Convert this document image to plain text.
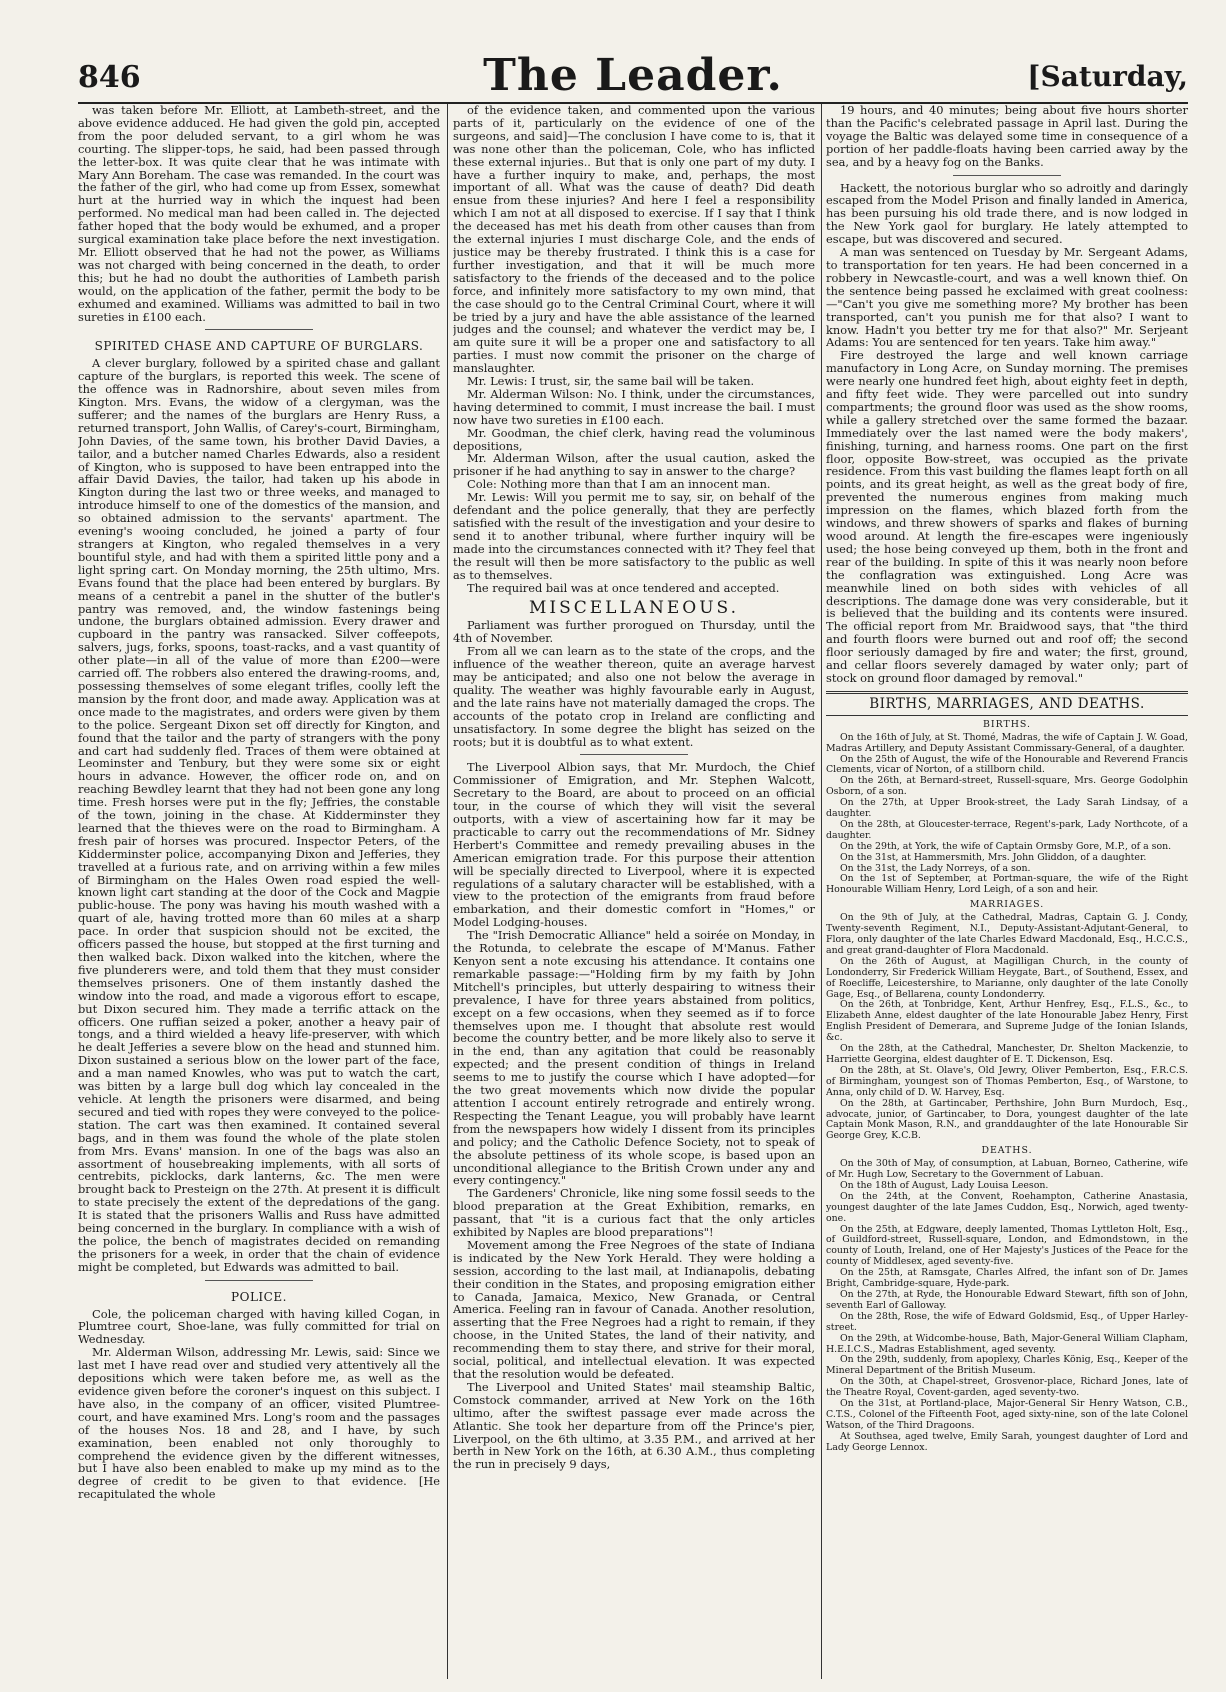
846	The Leader.	[Saturday,

was taken before Mr. Elliott, at Lambeth-street, and the above evidence adduced. He had given the gold pin, accepted from the poor deluded servant, to a girl whom he was courting. The slipper-tops, he said, had been passed through the letter-box. It was quite clear that he was intimate with Mary Ann Boreham. The case was remanded. In the court was the father of the girl, who had come up from Essex, somewhat hurt at the hurried way in which the inquest had been performed. No medical man had been called in. The dejected father hoped that the body would be exhumed, and a proper surgical examination take place before the next investigation. Mr. Elliott observed that he had not the power, as Williams was not charged with being concerned in the death, to order this; but he had no doubt the authorities of Lambeth parish would, on the application of the father, permit the body to be exhumed and examined. Williams was admitted to bail in two sureties in £100 each.

SPIRITED CHASE AND CAPTURE OF BURGLARS.

A clever burglary, followed by a spirited chase and gallant capture of the burglars, is reported this week. The scene of the offence was in Radnorshire, about seven miles from Kington. Mrs. Evans, the widow of a clergyman, was the sufferer; and the names of the burglars are Henry Russ, a returned transport, John Wallis, of Carey's-court, Birmingham, John Davies, of the same town, his brother David Davies, a tailor, and a butcher named Charles Edwards, also a resident of Kington, who is supposed to have been entrapped into the affair David Davies, the tailor, had taken up his abode in Kington during the last two or three weeks, and managed to introduce himself to one of the domestics of the mansion, and so obtained admission to the servants' apartment. The evening's wooing concluded, he joined a party of four strangers at Kington, who regaled themselves in a very bountiful style, and had with them a spirited little pony and a light spring cart. On Monday morning, the 25th ultimo, Mrs. Evans found that the place had been entered by burglars. By means of a centrebit a panel in the shutter of the butler's pantry was removed, and, the window fastenings being undone, the burglars obtained admission. Every drawer and cupboard in the pantry was ransacked. Silver coffeepots, salvers, jugs, forks, spoons, toast-racks, and a vast quantity of other plate—in all of the value of more than £200—were carried off. The robbers also entered the drawing-rooms, and, possessing themselves of some elegant trifles, coolly left the mansion by the front door, and made away. Application was at once made to the magistrates, and orders were given by them to the police. Sergeant Dixon set off directly for Kington, and found that the tailor and the party of strangers with the pony and cart had suddenly fled. Traces of them were obtained at Leominster and Tenbury, but they were some six or eight hours in advance. However, the officer rode on, and on reaching Bewdley learnt that they had not been gone any long time. Fresh horses were put in the fly; Jeffries, the constable of the town, joining in the chase. At Kidderminster they learned that the thieves were on the road to Birmingham. A fresh pair of horses was procured. Inspector Peters, of the Kidderminster police, accompanying Dixon and Jefferies, they travelled at a furious rate, and on arriving within a few miles of Birmingham on the Hales Owen road espied the well-known light cart standing at the door of the Cock and Magpie public-house. The pony was having his mouth washed with a quart of ale, having trotted more than 60 miles at a sharp pace. In order that suspicion should not be excited, the officers passed the house, but stopped at the first turning and then walked back. Dixon walked into the kitchen, where the five plunderers were, and told them that they must consider themselves prisoners. One of them instantly dashed the window into the road, and made a vigorous effort to escape, but Dixon secured him. They made a terrific attack on the officers. One ruffian seized a poker, another a heavy pair of tongs, and a third wielded a heavy life-preserver, with which he dealt Jefferies a severe blow on the head and stunned him. Dixon sustained a serious blow on the lower part of the face, and a man named Knowles, who was put to watch the cart, was bitten by a large bull dog which lay concealed in the vehicle. At length the prisoners were disarmed, and being secured and tied with ropes they were conveyed to the police-station. The cart was then examined. It contained several bags, and in them was found the whole of the plate stolen from Mrs. Evans' mansion. In one of the bags was also an assortment of housebreaking implements, with all sorts of centrebits, picklocks, dark lanterns, &c. The men were brought back to Presteign on the 27th. At present it is difficult to state precisely the extent of the depredations of the gang. It is stated that the prisoners Wallis and Russ have admitted being concerned in the burglary. In compliance with a wish of the police, the bench of magistrates decided on remanding the prisoners for a week, in order that the chain of evidence might be completed, but Edwards was admitted to bail.

POLICE.

Cole, the policeman charged with having killed Cogan, in Plumtree court, Shoe-lane, was fully committed for trial on Wednesday.

Mr. Alderman Wilson, addressing Mr. Lewis, said: Since we last met I have read over and studied very attentively all the depositions which were taken before me, as well as the evidence given before the coroner's inquest on this subject. I have also, in the company of an officer, visited Plumtree-court, and have examined Mrs. Long's room and the passages of the houses Nos. 18 and 28, and I have, by such examination, been enabled not only thoroughly to comprehend the evidence given by the different witnesses, but I have also been enabled to make up my mind as to the degree of credit to be given to that evidence. [He recapitulated the whole

of the evidence taken, and commented upon the various parts of it, particularly on the evidence of one of the surgeons, and said]—The conclusion I have come to is, that it was none other than the policeman, Cole, who has inflicted these external injuries.. But that is only one part of my duty. I have a further inquiry to make, and, perhaps, the most important of all. What was the cause of death? Did death ensue from these injuries? And here I feel a responsibility which I am not at all disposed to exercise. If I say that I think the deceased has met his death from other causes than from the external injuries I must discharge Cole, and the ends of justice may be thereby frustrated. I think this is a case for further investigation, and that it will be much more satisfactory to the friends of the deceased and to the police force, and infinitely more satisfactory to my own mind, that the case should go to the Central Criminal Court, where it will be tried by a jury and have the able assistance of the learned judges and the counsel; and whatever the verdict may be, I am quite sure it will be a proper one and satisfactory to all parties. I must now commit the prisoner on the charge of manslaughter.

Mr. Lewis: I trust, sir, the same bail will be taken.

Mr. Alderman Wilson: No. I think, under the circumstances, having determined to commit, I must increase the bail. I must now have two sureties in £100 each.

Mr. Goodman, the chief clerk, having read the voluminous depositions,

Mr. Alderman Wilson, after the usual caution, asked the prisoner if he had anything to say in answer to the charge?

Cole: Nothing more than that I am an innocent man.

Mr. Lewis: Will you permit me to say, sir, on behalf of the defendant and the police generally, that they are perfectly satisfied with the result of the investigation and your desire to send it to another tribunal, where further inquiry will be made into the circumstances connected with it? They feel that the result will then be more satisfactory to the public as well as to themselves.

The required bail was at once tendered and accepted.

MISCELLANEOUS.

Parliament was further prorogued on Thursday, until the 4th of November.

From all we can learn as to the state of the crops, and the influence of the weather thereon, quite an average harvest may be anticipated; and also one not below the average in quality. The weather was highly favourable early in August, and the late rains have not materially damaged the crops. The accounts of the potato crop in Ireland are conflicting and unsatisfactory. In some degree the blight has seized on the roots; but it is doubtful as to what extent.

The Liverpool Albion says, that Mr. Murdoch, the Chief Commissioner of Emigration, and Mr. Stephen Walcott, Secretary to the Board, are about to proceed on an official tour, in the course of which they will visit the several outports, with a view of ascertaining how far it may be practicable to carry out the recommendations of Mr. Sidney Herbert's Committee and remedy prevailing abuses in the American emigration trade. For this purpose their attention will be specially directed to Liverpool, where it is expected regulations of a salutary character will be established, with a view to the protection of the emigrants from fraud before embarkation, and their domestic comfort in "Homes," or Model Lodging-houses.

The "Irish Democratic Alliance" held a soirée on Monday, in the Rotunda, to celebrate the escape of M'Manus. Father Kenyon sent a note excusing his attendance. It contains one remarkable passage:—"Holding firm by my faith by John Mitchell's principles, but utterly despairing to witness their prevalence, I have for three years abstained from politics, except on a few occasions, when they seemed as if to force themselves upon me. I thought that absolute rest would become the country better, and be more likely also to serve it in the end, than any agitation that could be reasonably expected; and the present condition of things in Ireland seems to me to justify the course which I have adopted—for the two great movements which now divide the popular attention I account entirely retrograde and entirely wrong. Respecting the Tenant League, you will probably have learnt from the newspapers how widely I dissent from its principles and policy; and the Catholic Defence Society, not to speak of the absolute pettiness of its whole scope, is based upon an unconditional allegiance to the British Crown under any and every contingency."

The Gardeners' Chronicle, like ning some fossil seeds to the blood preparation at the Great Exhibition, remarks, en passant, that "it is a curious fact that the only articles exhibited by Naples are blood preparations"!

Movement among the Free Negroes of the state of Indiana is indicated by the New York Herald. They were holding a session, according to the last mail, at Indianapolis, debating their condition in the States, and proposing emigration either to Canada, Jamaica, Mexico, New Granada, or Central America. Feeling ran in favour of Canada. Another resolution, asserting that the Free Negroes had a right to remain, if they choose, in the United States, the land of their nativity, and recommending them to stay there, and strive for their moral, social, political, and intellectual elevation. It was expected that the resolution would be defeated.

The Liverpool and United States' mail steamship Baltic, Comstock commander, arrived at New York on the 16th ultimo, after the swiftest passage ever made across the Atlantic. She took her departure from off the Prince's pier, Liverpool, on the 6th ultimo, at 3.35 P.M., and arrived at her berth in New York on the 16th, at 6.30 A.M., thus completing the run in precisely 9 days,

19 hours, and 40 minutes; being about five hours shorter than the Pacific's celebrated passage in April last. During the voyage the Baltic was delayed some time in consequence of a portion of her paddle-floats having been carried away by the sea, and by a heavy fog on the Banks.

Hackett, the notorious burglar who so adroitly and daringly escaped from the Model Prison and finally landed in America, has been pursuing his old trade there, and is now lodged in the New York gaol for burglary. He lately attempted to escape, but was discovered and secured.

A man was sentenced on Tuesday by Mr. Sergeant Adams, to transportation for ten years. He had been concerned in a robbery in Newcastle-court, and was a well known thief. On the sentence being passed he exclaimed with great coolness:—"Can't you give me something more? My brother has been transported, can't you punish me for that also? I want to know. Hadn't you better try me for that also?" Mr. Serjeant Adams: You are sentenced for ten years. Take him away."

Fire destroyed the large and well known carriage manufactory in Long Acre, on Sunday morning. The premises were nearly one hundred feet high, about eighty feet in depth, and fifty feet wide. They were parcelled out into sundry compartments; the ground floor was used as the show rooms, while a gallery stretched over the same formed the bazaar. Immediately over the last named were the body makers', finishing, turning, and harness rooms. One part on the first floor, opposite Bow-street, was occupied as the private residence. From this vast building the flames leapt forth on all points, and its great height, as well as the great body of fire, prevented the numerous engines from making much impression on the flames, which blazed forth from the windows, and threw showers of sparks and flakes of burning wood around. At length the fire-escapes were ingeniously used; the hose being conveyed up them, both in the front and rear of the building. In spite of this it was nearly noon before the conflagration was extinguished. Long Acre was meanwhile lined on both sides with vehicles of all descriptions. The damage done was very considerable, but it is believed that the building and its contents were insured. The official report from Mr. Braidwood says, that "the third and fourth floors were burned out and roof off; the second floor seriously damaged by fire and water; the first, ground, and cellar floors severely damaged by water only; part of stock on ground floor damaged by removal."

BIRTHS, MARRIAGES, AND DEATHS.

BIRTHS.

On the 16th of July, at St. Thomé, Madras, the wife of Captain J. W. Goad, Madras Artillery, and Deputy Assistant Commissary-General, of a daughter.

On the 25th of August, the wife of the Honourable and Reverend Francis Clements, vicar of Norton, of a stillborn child.

On the 26th, at Bernard-street, Russell-square, Mrs. George Godolphin Osborn, of a son.

On the 27th, at Upper Brook-street, the Lady Sarah Lindsay, of a daughter.

On the 28th, at Gloucester-terrace, Regent's-park, Lady Northcote, of a daughter.

On the 29th, at York, the wife of Captain Ormsby Gore, M.P., of a son.

On the 31st, at Hammersmith, Mrs. John Gliddon, of a daughter.

On the 31st, the Lady Norreys, of a son.

On the 1st of September, at Portman-square, the wife of the Right Honourable William Henry, Lord Leigh, of a son and heir.

MARRIAGES.

On the 9th of July, at the Cathedral, Madras, Captain G. J. Condy, Twenty-seventh Regiment, N.I., Deputy-Assistant-Adjutant-General, to Flora, only daughter of the late Charles Edward Macdonald, Esq., H.C.C.S., and great grand-daughter of Flora Macdonald.

On the 26th of August, at Magilligan Church, in the county of Londonderry, Sir Frederick William Heygate, Bart., of Southend, Essex, and of Roecliffe, Leicestershire, to Marianne, only daughter of the late Conolly Gage, Esq., of Bellarena, county Londonderry.

On the 26th, at Tonbridge, Kent, Arthur Henfrey, Esq., F.L.S., &c., to Elizabeth Anne, eldest daughter of the late Honourable Jabez Henry, First English President of Demerara, and Supreme Judge of the Ionian Islands, &c.

On the 28th, at the Cathedral, Manchester, Dr. Shelton Mackenzie, to Harriette Georgina, eldest daughter of E. T. Dickenson, Esq.

On the 28th, at St. Olave's, Old Jewry, Oliver Pemberton, Esq., F.R.C.S. of Birmingham, youngest son of Thomas Pemberton, Esq., of Warstone, to Anna, only child of D. W. Harvey, Esq.

On the 28th, at Gartincaber, Perthshire, John Burn Murdoch, Esq., advocate, junior, of Gartincaber, to Dora, youngest daughter of the late Captain Monk Mason, R.N., and granddaughter of the late Honourable Sir George Grey, K.C.B.

DEATHS.

On the 30th of May, of consumption, at Labuan, Borneo, Catherine, wife of Mr. Hugh Low, Secretary to the Government of Labuan.

On the 18th of August, Lady Louisa Leeson.

On the 24th, at the Convent, Roehampton, Catherine Anastasia, youngest daughter of the late James Cuddon, Esq., Norwich, aged twenty-one.

On the 25th, at Edgware, deeply lamented, Thomas Lyttleton Holt, Esq., of Guildford-street, Russell-square, London, and Edmondstown, in the county of Louth, Ireland, one of Her Majesty's Justices of the Peace for the county of Middlesex, aged seventy-five.

On the 25th, at Ramsgate, Charles Alfred, the infant son of Dr. James Bright, Cambridge-square, Hyde-park.

On the 27th, at Ryde, the Honourable Edward Stewart, fifth son of John, seventh Earl of Galloway.

On the 28th, Rose, the wife of Edward Goldsmid, Esq., of Upper Harley-street.

On the 29th, at Widcombe-house, Bath, Major-General William Clapham, H.E.I.C.S., Madras Establishment, aged seventy.

On the 29th, suddenly, from apoplexy, Charles König, Esq., Keeper of the Mineral Department of the British Museum.

On the 30th, at Chapel-street, Grosvenor-place, Richard Jones, late of the Theatre Royal, Covent-garden, aged seventy-two.

On the 31st, at Portland-place, Major-General Sir Henry Watson, C.B., C.T.S., Colonel of the Fifteenth Foot, aged sixty-nine, son of the late Colonel Watson, of the Third Dragoons.

At Southsea, aged twelve, Emily Sarah, youngest daughter of Lord and Lady George Lennox.
